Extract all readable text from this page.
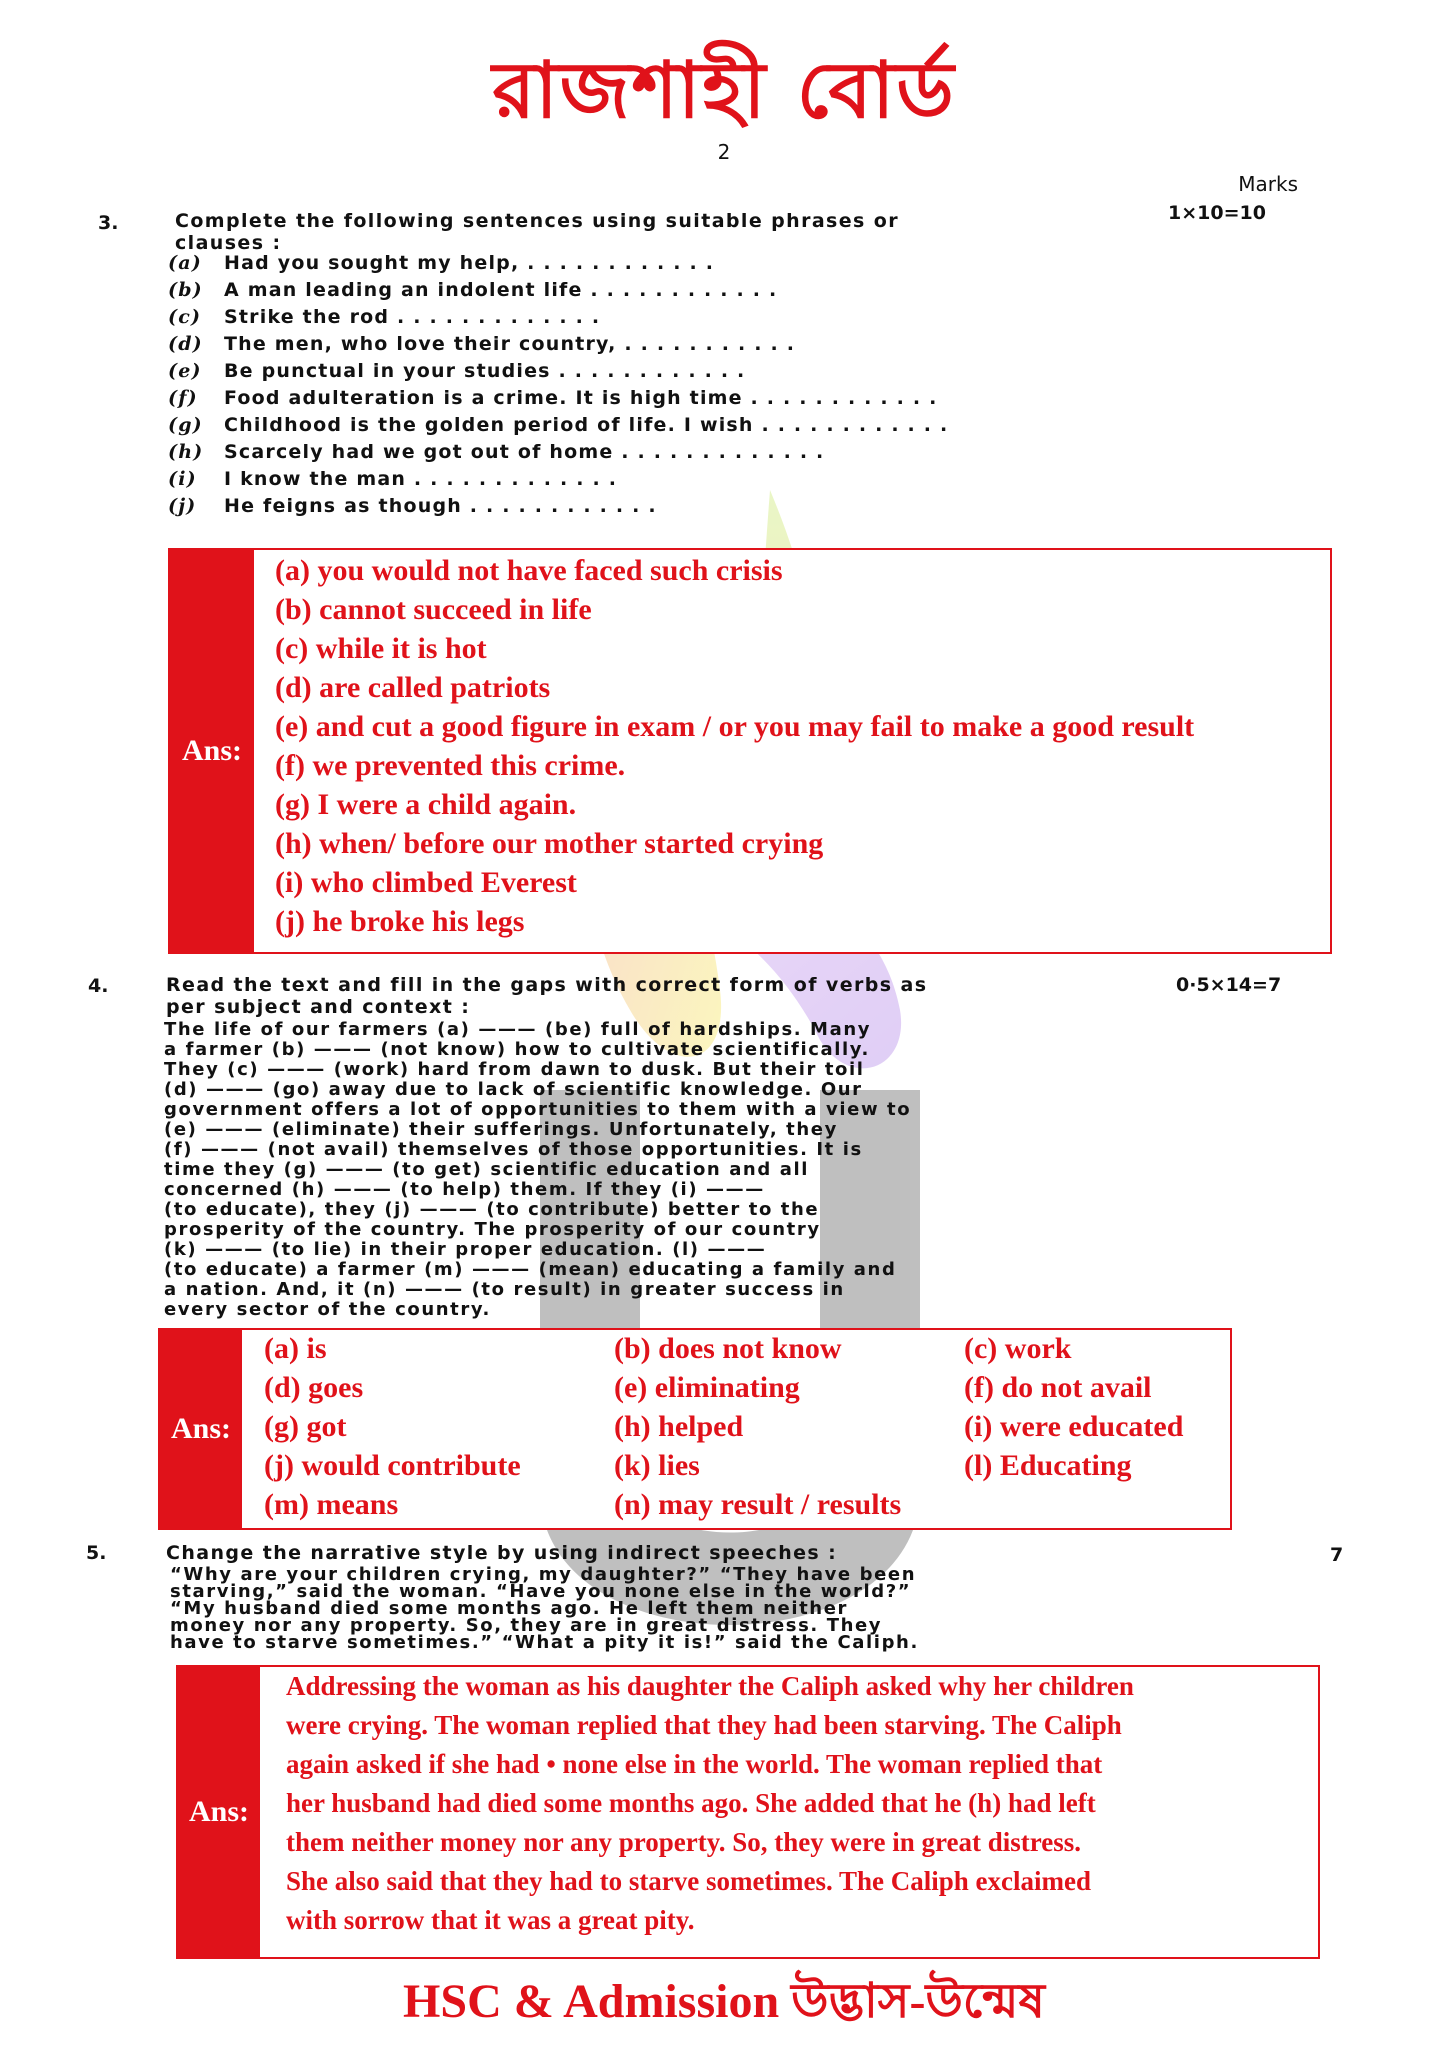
রাজশাহী বোর্ড
2
Marks
3.	Complete the following sentences using suitable phrases or
clauses :
1×10=10
(a) Had you sought my help, . . . . . . . . . . . .
(b) A man leading an indolent life . . . . . . . . . . . .
(c) Strike the rod . . . . . . . . . . . . .
(d) The men, who love their country, . . . . . . . . . . .
(e) Be punctual in your studies . . . . . . . . . . . .
(f) Food adulteration is a crime. It is high time . . . . . . . . . . . .
(g) Childhood is the golden period of life. I wish . . . . . . . . . . . .
(h) Scarcely had we got out of home . . . . . . . . . . . . .
(i) I know the man . . . . . . . . . . . . .
(j) He feigns as though . . . . . . . . . . . .
Ans:
(a) you would not have faced such crisis
(b) cannot succeed in life
(c) while it is hot
(d) are called patriots
(e) and cut a good figure in exam / or you may fail to make a good result
(f) we prevented this crime.
(g) I were a child again.
(h) when/ before our mother started crying
(i) who climbed Everest
(j) he broke his legs
4.	Read the text and fill in the gaps with correct form of verbs as
per subject and context :
0·5×14=7
The life of our farmers (a) ——— (be) full of hardships. Many
a farmer (b) ——— (not know) how to cultivate scientifically.
They (c) ——— (work) hard from dawn to dusk. But their toil
(d) ——— (go) away due to lack of scientific knowledge. Our
government offers a lot of opportunities to them with a view to
(e) ——— (eliminate) their sufferings. Unfortunately, they
(f) ——— (not avail) themselves of those opportunities. It is
time they (g) ——— (to get) scientific education and all
concerned (h) ——— (to help) them. If they (i) ———
(to educate), they (j) ——— (to contribute) better to the
prosperity of the country. The prosperity of our country
(k) ——— (to lie) in their proper education. (l) ———
(to educate) a farmer (m) ——— (mean) educating a family and
a nation. And, it (n) ——— (to result) in greater success in
every sector of the country.
Ans:
(a) is	(b) does not know	(c) work
(d) goes	(e) eliminating	(f) do not avail
(g) got	(h) helped	(i) were educated
(j) would contribute	(k) lies	(l) Educating
(m) means	(n) may result / results
5.	Change the narrative style by using indirect speeches :	7
“Why are your children crying, my daughter?” “They have been
starving,” said the woman. “Have you none else in the world?”
“My husband died some months ago. He left them neither
money nor any property. So, they are in great distress. They
have to starve sometimes.” “What a pity it is!” said the Caliph.
Ans:
Addressing the woman as his daughter the Caliph asked why her children
were crying. The woman replied that they had been starving. The Caliph
again asked if she had • none else in the world. The woman replied that
her husband had died some months ago. She added that he (h) had left
them neither money nor any property. So, they were in great distress.
She also said that they had to starve sometimes. The Caliph exclaimed
with sorrow that it was a great pity.
HSC & Admission উদ্ভাস-উন্মেষ
